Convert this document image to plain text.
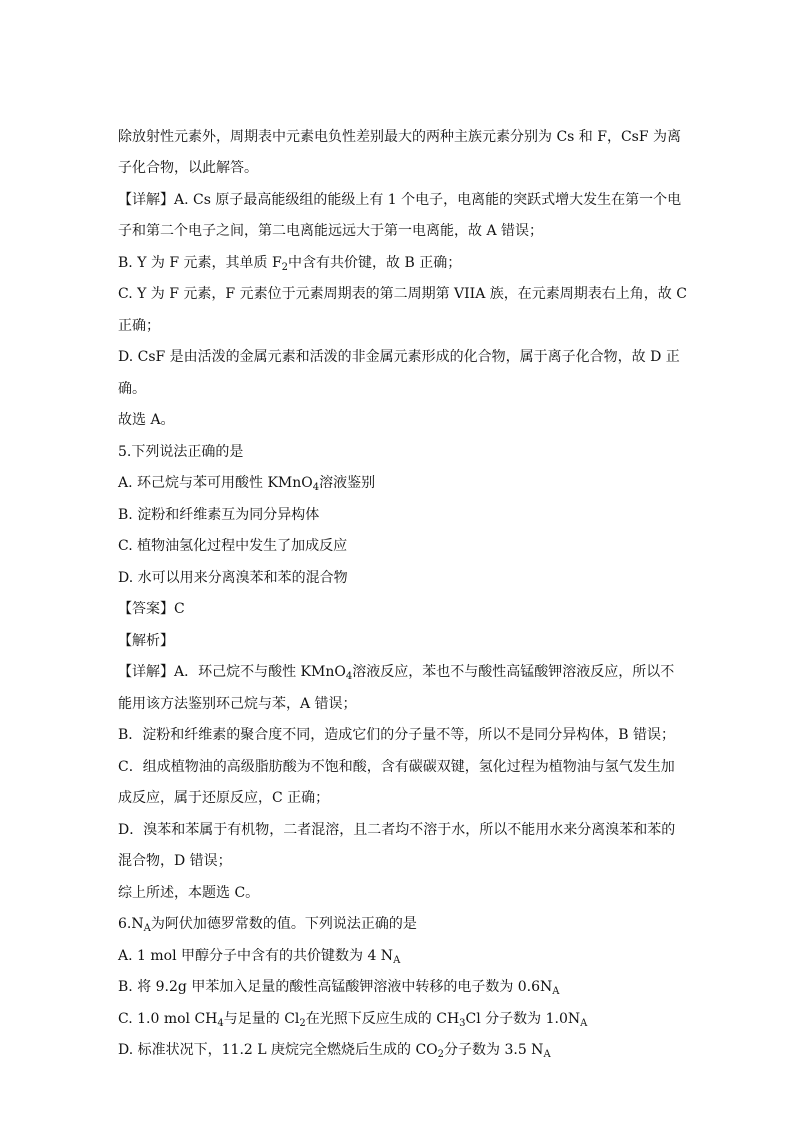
除放射性元素外，周期表中元素电负性差别最大的两种主族元素分别为 Cs 和 F，CsF 为离
子化合物，以此解答。
【详解】A. Cs 原子最高能级组的能级上有 1 个电子，电离能的突跃式增大发生在第一个电
子和第二个电子之间，第二电离能远远大于第一电离能，故 A 错误；
B. Y 为 F 元素，其单质 $F_2$中含有共价键，故 B 正确；
C. Y 为 F 元素，F 元素位于元素周期表的第二周期第 VIIA 族，在元素周期表右上角，故 C
正确；
D. CsF 是由活泼的金属元素和活泼的非金属元素形成的化合物，属于离子化合物，故 D 正
确。
故选 A。
5.下列说法正确的是
A. 环己烷与苯可用酸性 KMnO$_4$溶液鉴别
B. 淀粉和纤维素互为同分异构体
C. 植物油氢化过程中发生了加成反应
D. 水可以用来分离溴苯和苯的混合物
【答案】C
【解析】
【详解】A．环己烷不与酸性 KMnO$_4$溶液反应，苯也不与酸性高锰酸钾溶液反应，所以不
能用该方法鉴别环己烷与苯，A 错误；
B．淀粉和纤维素的聚合度不同，造成它们的分子量不等，所以不是同分异构体，B 错误；
C．组成植物油的高级脂肪酸为不饱和酸，含有碳碳双键，氢化过程为植物油与氢气发生加
成反应，属于还原反应，C 正确；
D．溴苯和苯属于有机物，二者混溶，且二者均不溶于水，所以不能用水来分离溴苯和苯的
混合物，D 错误；
综上所述，本题选 C。
$6.N_A$为阿伏加德罗常数的值。下列说法正确的是
A. 1 mol 甲醇分子中含有的共价键数为 4 $N_A$
B. 将 9.2g 甲苯加入足量的酸性高锰酸钾溶液中转移的电子数为 $0.6N_A$
C. 1.0 mol $CH_4$与足量的 $Cl_2$在光照下反应生成的 $CH_3Cl$ 分子数为 $1.0N_A$
D. 标准状况下，11.2 L 庚烷完全燃烧后生成的 $CO_2$分子数为 3.5 $N_A$
